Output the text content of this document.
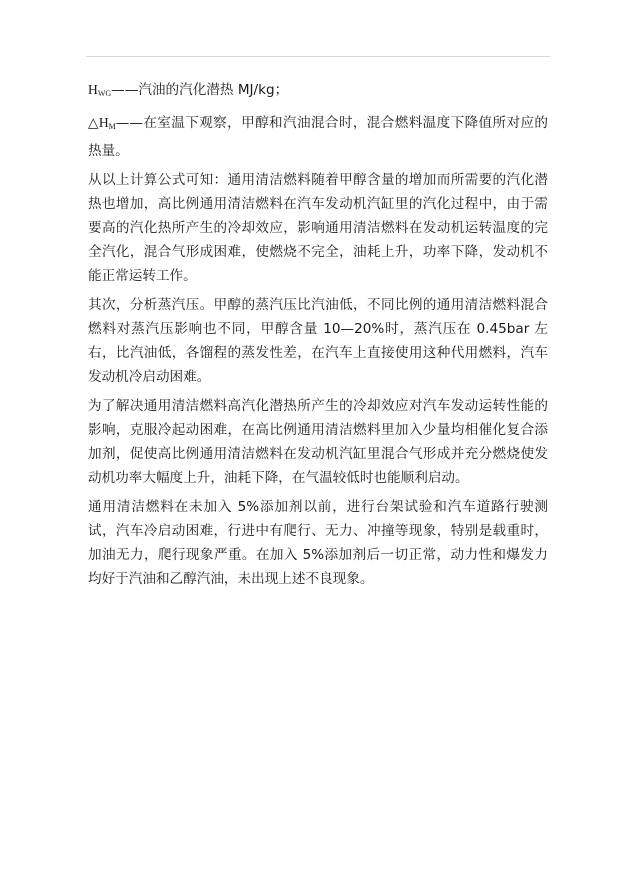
$H_{WG}——$汽油的汽化潜热 MJ/kg；

$\triangle H_M——$在室温下观察，甲醇和汽油混合时，混合燃料温度下降值所对应的热量。

从以上计算公式可知：通用清洁燃料随着甲醇含量的增加而所需要的汽化潜热也增加，高比例通用清洁燃料在汽车发动机汽缸里的汽化过程中，由于需要高的汽化热所产生的冷却效应，影响通用清洁燃料在发动机运转温度的完全汽化，混合气形成困难，使燃烧不完全，油耗上升，功率下降，发动机不能正常运转工作。

其次，分析蒸汽压。甲醇的蒸汽压比汽油低，不同比例的通用清洁燃料混合燃料对蒸汽压影响也不同，甲醇含量 10—20%时，蒸汽压在 0.45bar 左右，比汽油低，各馏程的蒸发性差，在汽车上直接使用这种代用燃料，汽车发动机冷启动困难。

为了解决通用清洁燃料高汽化潜热所产生的冷却效应对汽车发动运转性能的影响，克服冷起动困难，在高比例通用清洁燃料里加入少量均相催化复合添加剂，促使高比例通用清洁燃料在发动机汽缸里混合气形成并充分燃烧使发动机功率大幅度上升，油耗下降，在气温较低时也能顺利启动。

通用清洁燃料在未加入 5%添加剂以前，进行台架试验和汽车道路行驶测试，汽车冷启动困难，行进中有爬行、无力、冲撞等现象，特别是载重时，加油无力，爬行现象严重。在加入 5%添加剂后一切正常，动力性和爆发力均好于汽油和乙醇汽油，未出现上述不良现象。
